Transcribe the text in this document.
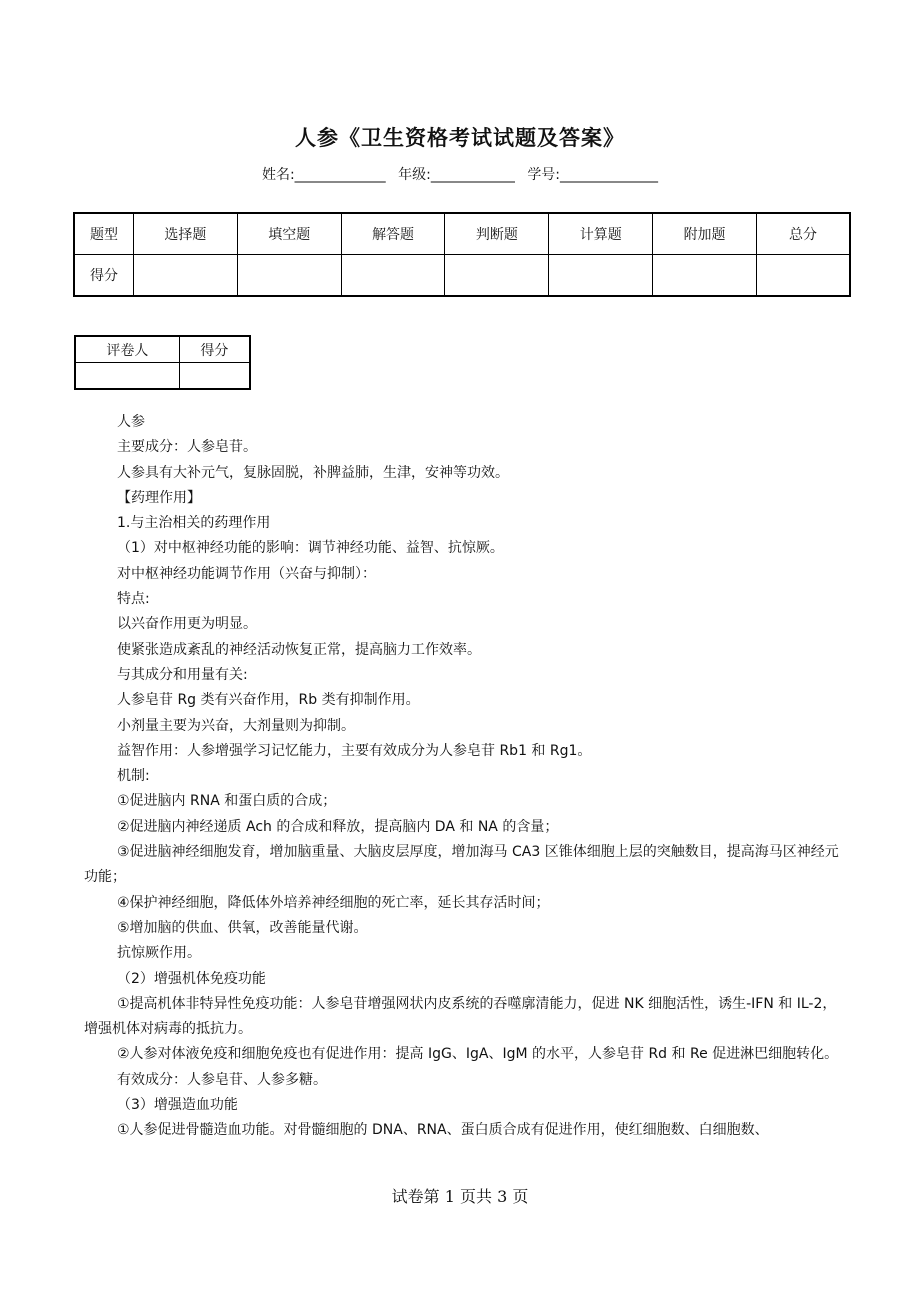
人参《卫生资格考试试题及答案》
姓名:_____________ 年级:____________ 学号:______________
题型	选择题	填空题	解答题	判断题	计算题	附加题	总分
得分							
评卷人	得分

人参

主要成分：人参皂苷。

人参具有大补元气，复脉固脱，补脾益肺，生津，安神等功效。

【药理作用】

1.与主治相关的药理作用

（1）对中枢神经功能的影响：调节神经功能、益智、抗惊厥。

对中枢神经功能调节作用（兴奋与抑制）：

特点:

以兴奋作用更为明显。

使紧张造成紊乱的神经活动恢复正常，提高脑力工作效率。

与其成分和用量有关:

人参皂苷 Rg 类有兴奋作用，Rb 类有抑制作用。

小剂量主要为兴奋，大剂量则为抑制。

益智作用：人参增强学习记忆能力，主要有效成分为人参皂苷 Rb1 和 Rg1。

机制:

①促进脑内 RNA 和蛋白质的合成；

②促进脑内神经递质 Ach 的合成和释放，提高脑内 DA 和 NA 的含量；

③促进脑神经细胞发育，增加脑重量、大脑皮层厚度，增加海马 CA3 区锥体细胞上层的突触数目，提高海马区神经元功能；

④保护神经细胞，降低体外培养神经细胞的死亡率，延长其存活时间；

⑤增加脑的供血、供氧，改善能量代谢。

抗惊厥作用。

（2）增强机体免疫功能

①提高机体非特异性免疫功能：人参皂苷增强网状内皮系统的吞噬廓清能力，促进 NK 细胞活性，诱生-IFN 和 IL-2，增强机体对病毒的抵抗力。

②人参对体液免疫和细胞免疫也有促进作用：提高 IgG、IgA、IgM 的水平，人参皂苷 Rd 和 Re 促进淋巴细胞转化。

有效成分：人参皂苷、人参多糖。

（3）增强造血功能

①人参促进骨髓造血功能。对骨髓细胞的 DNA、RNA、蛋白质合成有促进作用，使红细胞数、白细胞数、

试卷第 1 页共 3 页
